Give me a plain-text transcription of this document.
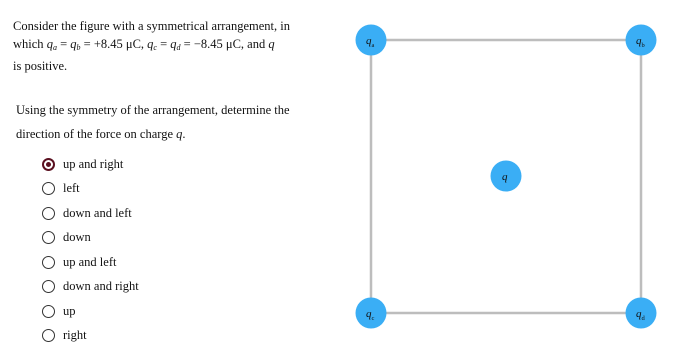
Consider the figure with a symmetrical arrangement, in
which $q_a = q_b = +8.45$ μC, $q_c = q_d = -8.45$ μC, and q
is positive.
Using the symmetry of the arrangement, determine the
direction of the force on charge q.
up and right
left
down and left
down
up and left
down and right
up
right
$q_a$	$q_b$
$q_c$	$q_d$
q
